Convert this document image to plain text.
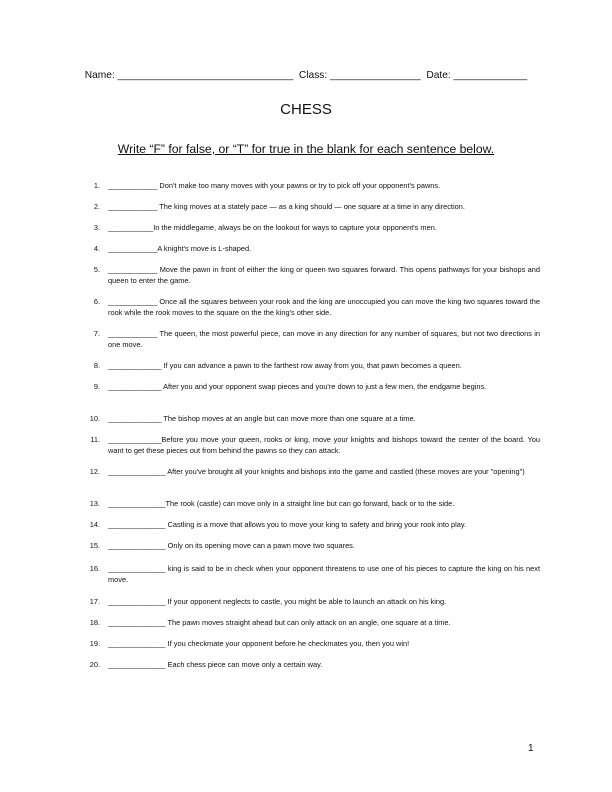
Name: _______________________________  Class: ________________  Date: _____________
CHESS
Write “F” for false, or “T” for true in the blank for each sentence below.
1. ____________ Don't make too many moves with your pawns or try to pick off your opponent's pawns.
2. ____________ The king moves at a stately pace — as a king should — one square at a time in any direction.
3. ___________In the middlegame, always be on the lookout for ways to capture your opponent's men.
4. ____________A knight's move is L-shaped.
5. ____________ Move the pawn in front of either the king or queen two squares forward. This opens pathways for your bishops and queen to enter the game.
6. ____________ Once all the squares between your rook and the king are unoccupied you can move the king two squares toward the rook while the rook moves to the square on the the king's other side.
7. ____________ The queen, the most powerful piece, can move in any direction for any number of squares, but not two directions in one move.
8. _____________ If you can advance a pawn to the farthest row away from you, that pawn becomes a queen.
9. _____________ After you and your opponent swap pieces and you're down to just a few men, the endgame begins.
10. _____________ The bishop moves at an angle but can move more than one square at a time.
11. _____________Before you move your queen, rooks or king, move your knights and bishops toward the center of the board. You want to get these pieces out from behind the pawns so they can attack.
12. ______________ After you've brought all your knights and bishops into the game and castled (these moves are your "opening")
13. ______________The rook (castle) can move only in a straight line but can go forward, back or to the side.
14. ______________ Castling is a move that allows you to move your king to safety and bring your rook into play.
15. ______________ Only on its opening move can a pawn move two squares.
16. ______________ king is said to be in check when your opponent threatens to use one of his pieces to capture the king on his next move.
17. ______________ If your opponent neglects to castle, you might be able to launch an attack on his king.
18. ______________ The pawn moves straight ahead but can only attack on an angle, one square at a time.
19. ______________ If you checkmate your opponent before he checkmates you, then you win!
20. ______________ Each chess piece can move only a certain way.
1
